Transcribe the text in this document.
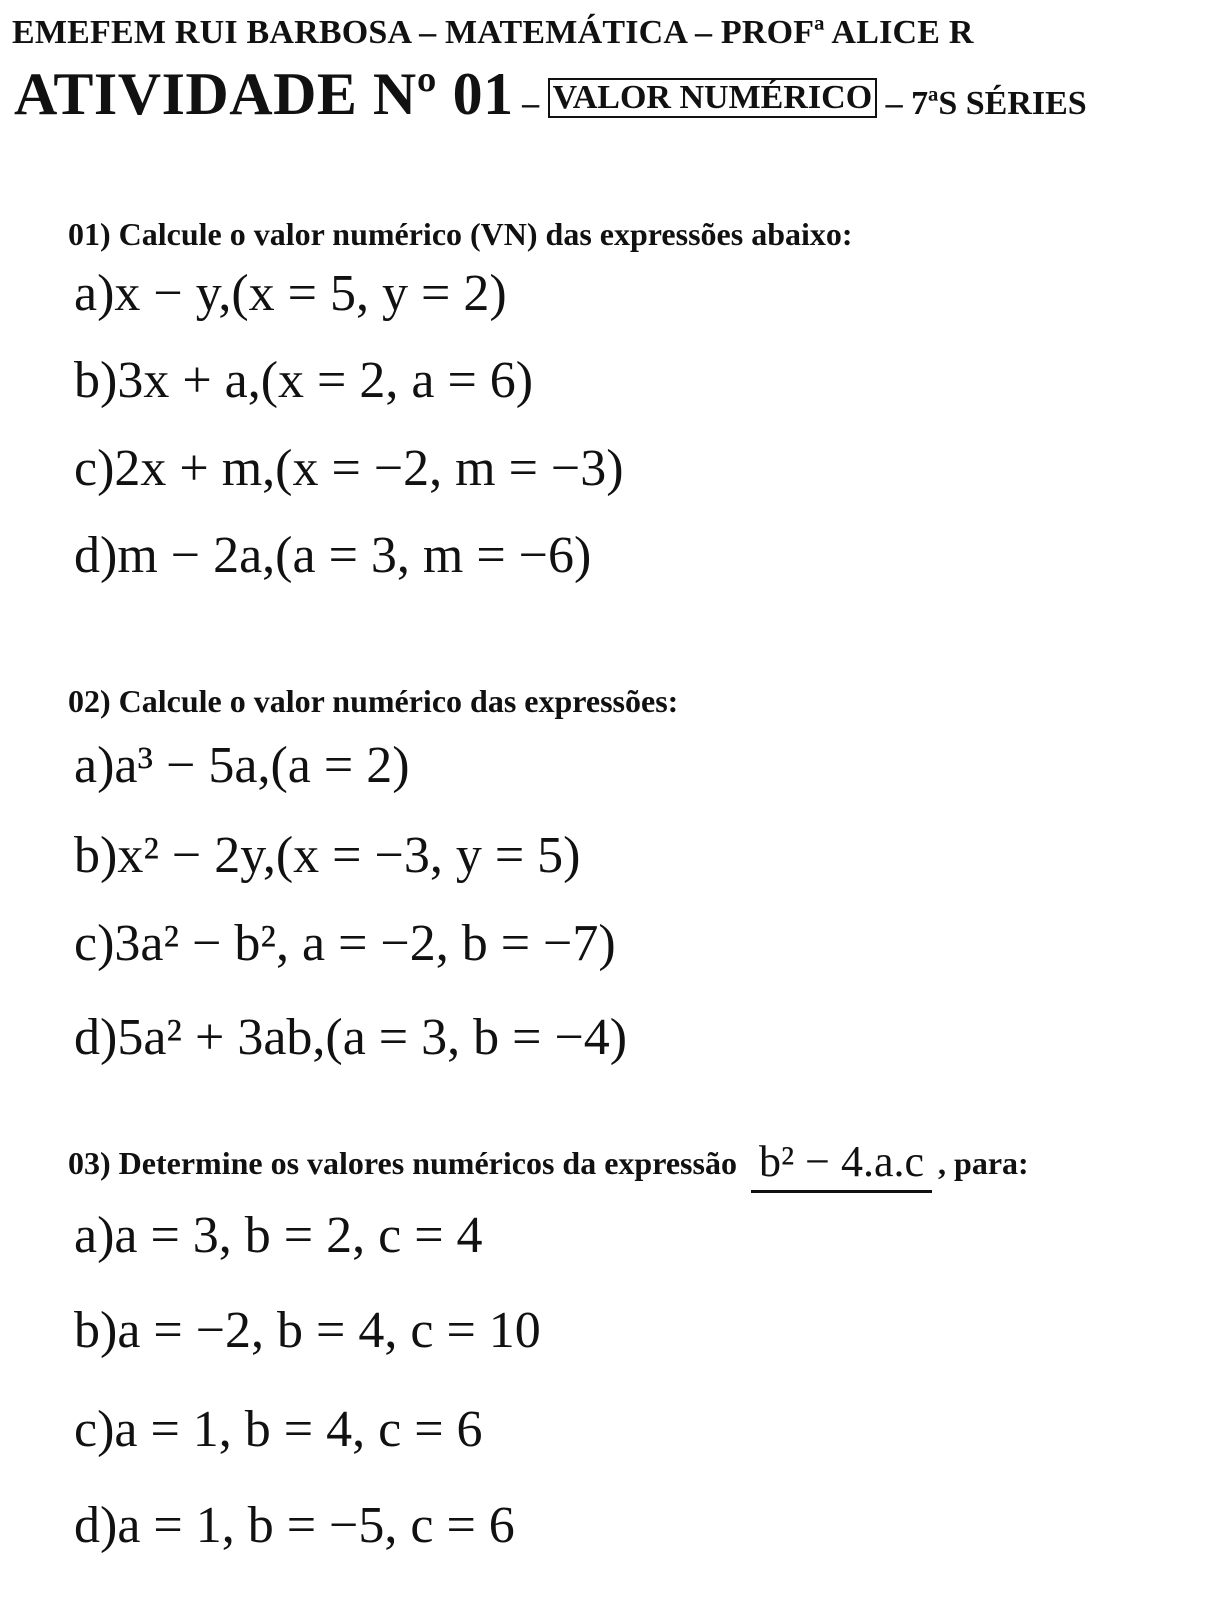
EMEFEM RUI BARBOSA – MATEMÁTICA – PROFª ALICE R
ATIVIDADE Nº 01 – VALOR NUMÉRICO – 7ªS SÉRIES
01) Calcule o valor numérico (VN) das expressões abaixo:
a)x − y,(x = 5, y = 2)
b)3x + a,(x = 2, a = 6)
c)2x + m,(x = −2, m = −3)
d)m − 2a,(a = 3, m = −6)
02) Calcule o valor numérico das expressões:
a)a³ − 5a,(a = 2)
b)x² − 2y,(x = −3, y = 5)
c)3a² − b², a = −2, b = −7)
d)5a² + 3ab,(a = 3, b = −4)
03) Determine os valores numéricos da expressão b² − 4.a.c , para:
a)a = 3, b = 2, c = 4
b)a = −2, b = 4, c = 10
c)a = 1, b = 4, c = 6
d)a = 1, b = −5, c = 6
